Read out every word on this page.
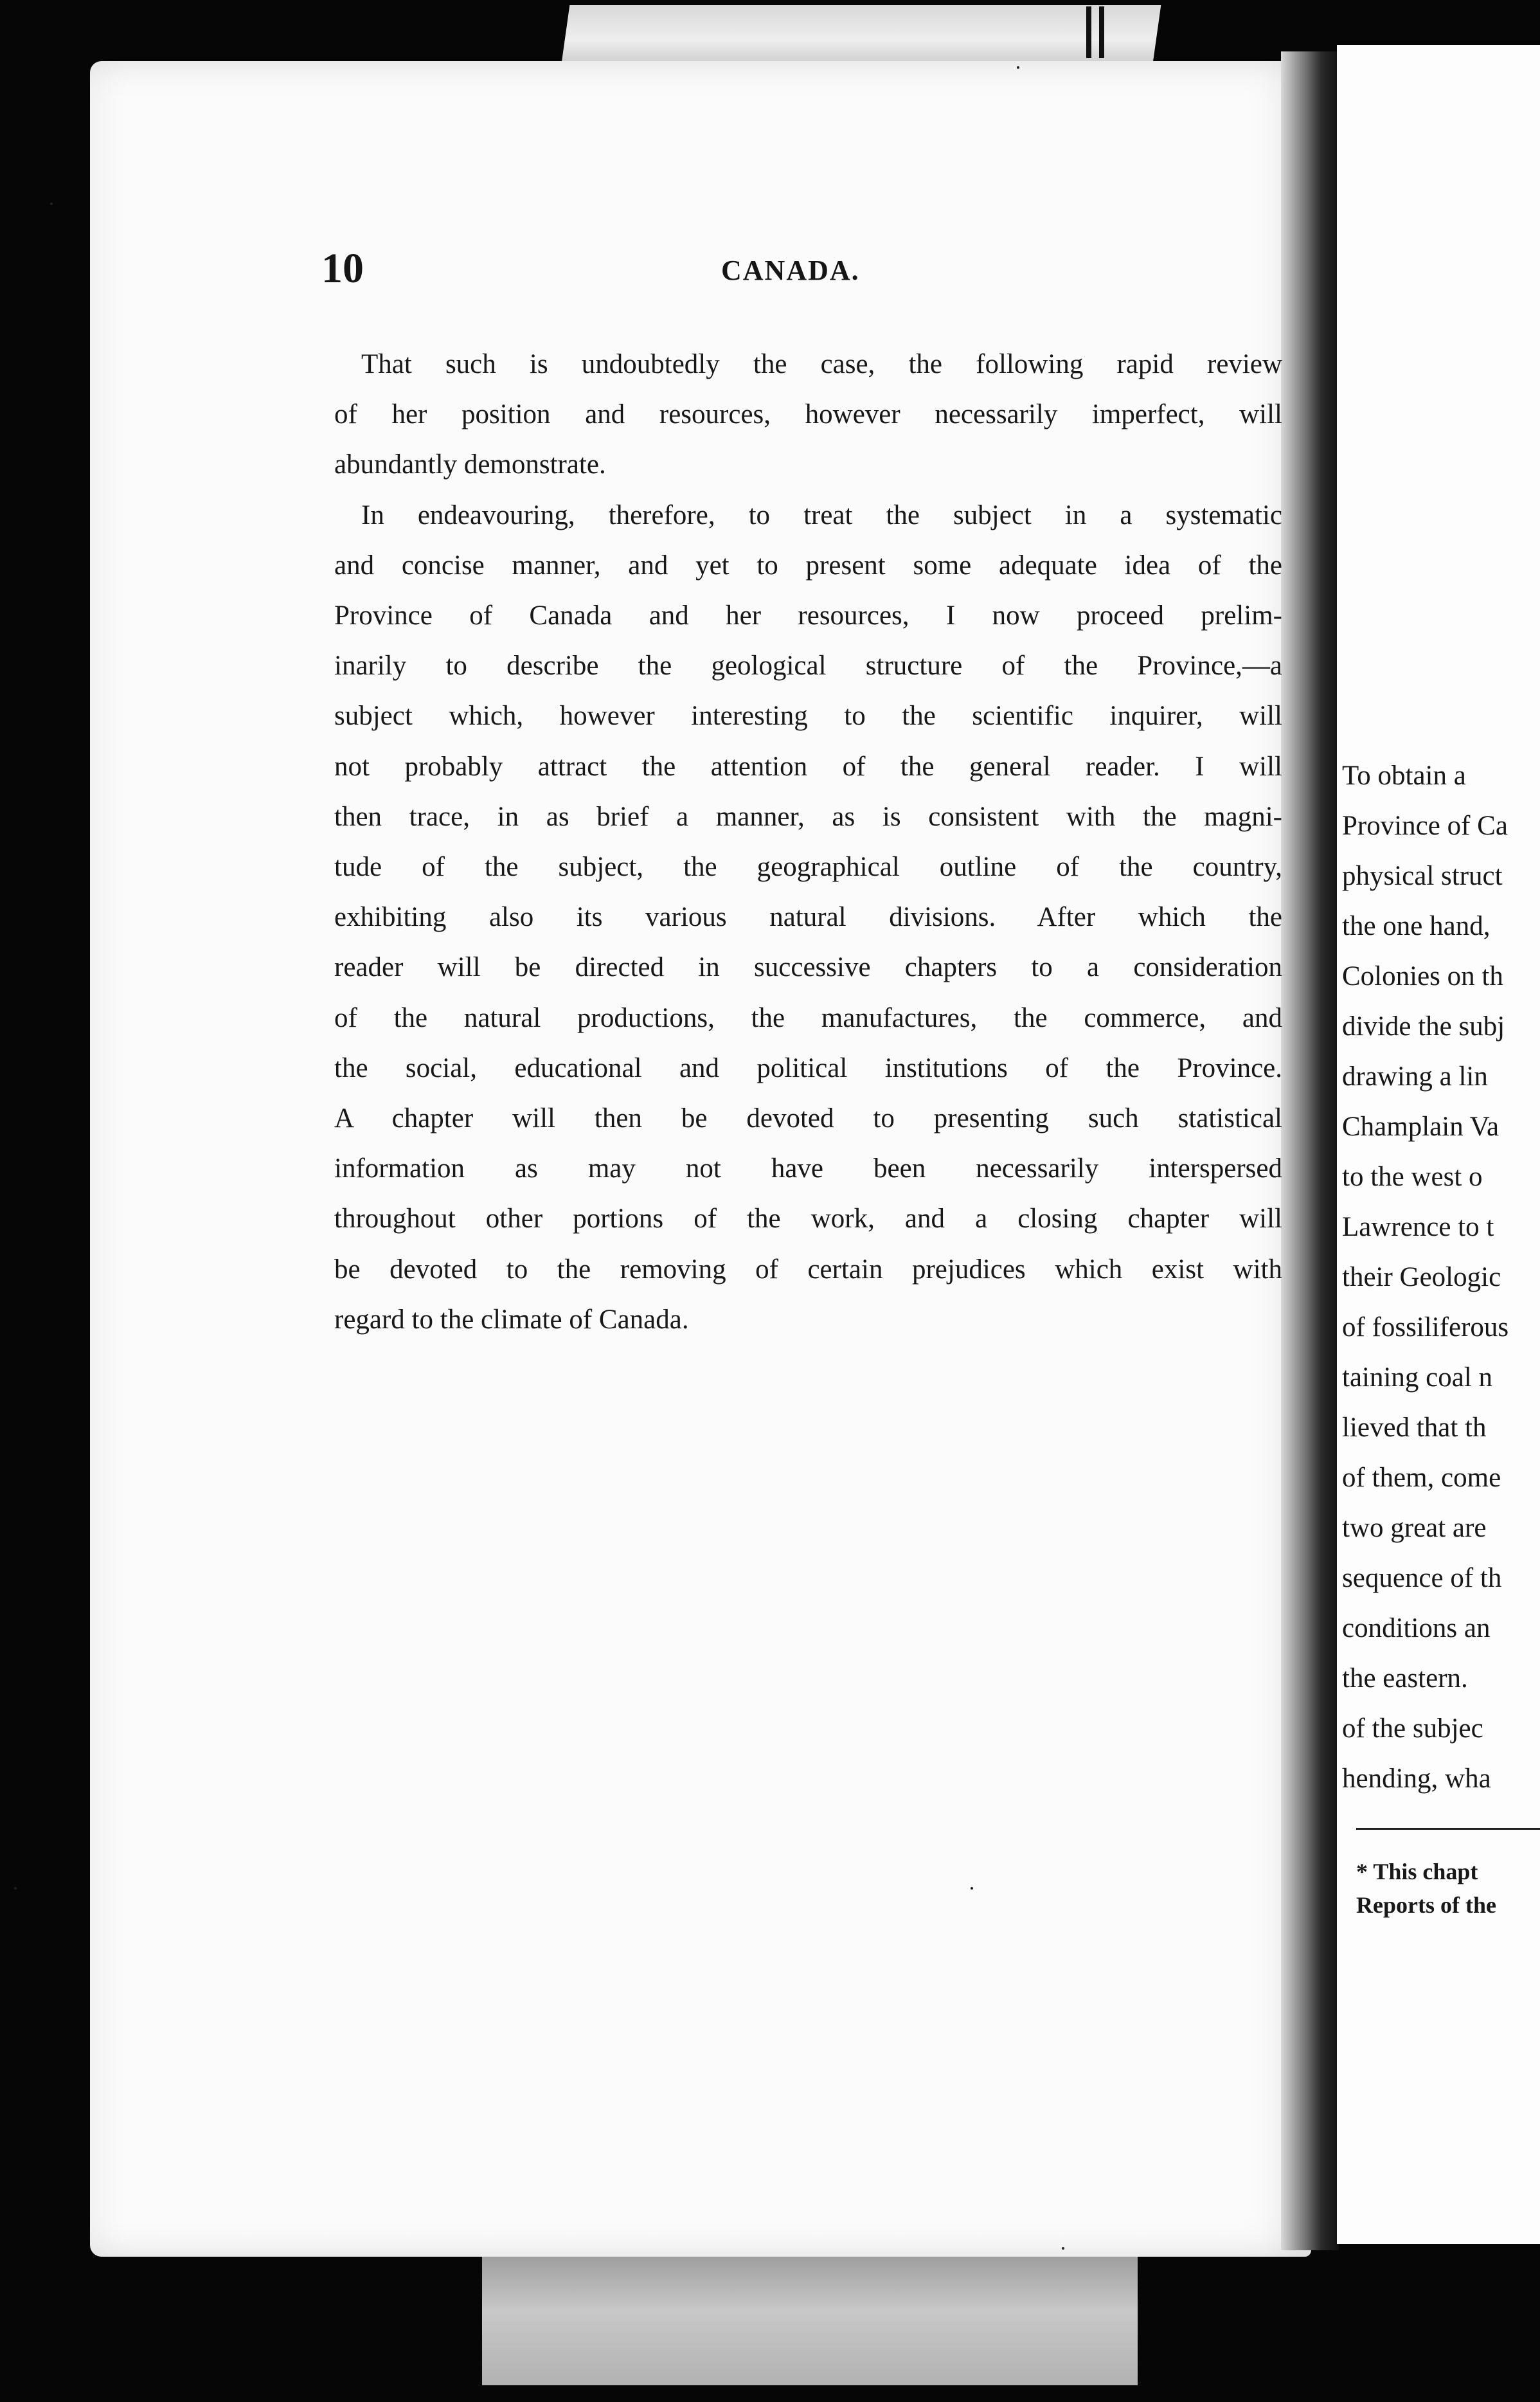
10	CANADA.
That such is undoubtedly the case, the following rapid review
of her position and resources, however necessarily imperfect, will
abundantly demonstrate.
In endeavouring, therefore, to treat the subject in a systematic
and concise manner, and yet to present some adequate idea of the
Province of Canada and her resources, I now proceed prelim-
inarily to describe the geological structure of the Province,—a
subject which, however interesting to the scientific inquirer, will
not probably attract the attention of the general reader. I will
then trace, in as brief a manner, as is consistent with the magni-
tude of the subject, the geographical outline of the country,
exhibiting also its various natural divisions. After which the
reader will be directed in successive chapters to a consideration
of the natural productions, the manufactures, the commerce, and
the social, educational and political institutions of the Province.
A chapter will then be devoted to presenting such statistical
information as may not have been necessarily interspersed
throughout other portions of the work, and a closing chapter will
be devoted to the removing of certain prejudices which exist with
regard to the climate of Canada.
To obtain a
Province of Ca
physical struct
the one hand,
Colonies on th
divide the subj
drawing a lin
Champlain Va
to the west o
Lawrence to t
their Geologic
of fossiliferous
taining coal n
lieved that th
of them, come
two great are
sequence of th
conditions an
the eastern.
of the subjec
hending, wha
* This chapt
Reports of the
